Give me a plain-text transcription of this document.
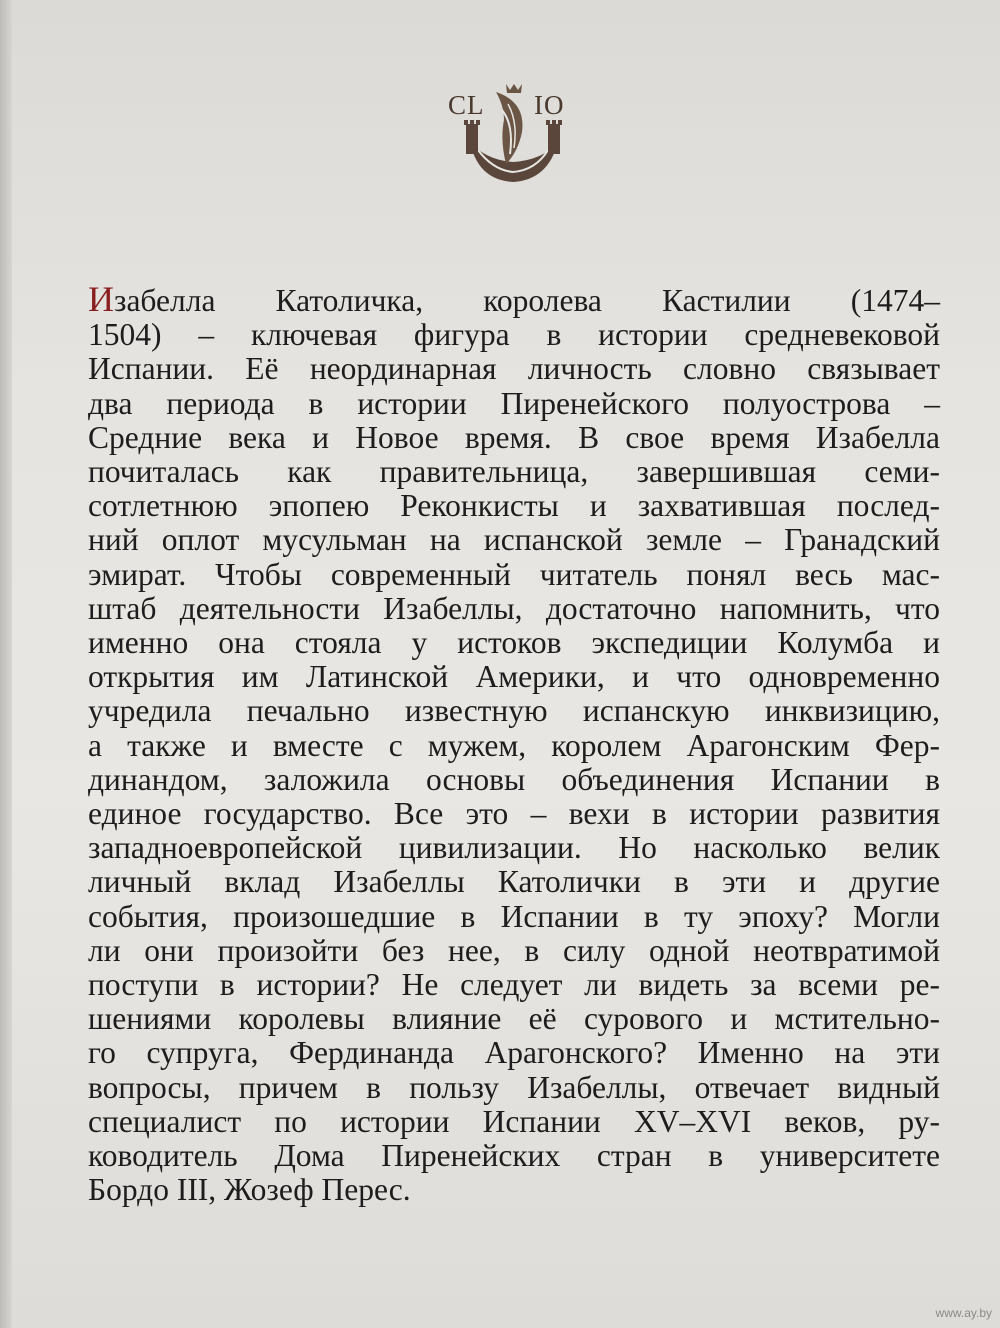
CL IO
Изабелла Католичка, королева Кастилии (1474–
1504) – ключевая фигура в истории средневековой
Испании. Её неординарная личность словно связывает
два периода в истории Пиренейского полуострова –
Средние века и Новое время. В свое время Изабелла
почиталась как правительница, завершившая семи-
сотлетнюю эпопею Реконкисты и захватившая послед-
ний оплот мусульман на испанской земле – Гранадский
эмират. Чтобы современный читатель понял весь мас-
штаб деятельности Изабеллы, достаточно напомнить, что
именно она стояла у истоков экспедиции Колумба и
открытия им Латинской Америки, и что одновременно
учредила печально известную испанскую инквизицию,
а также и вместе с мужем, королем Арагонским Фер-
динандом, заложила основы объединения Испании в
единое государство. Все это – вехи в истории развития
западноевропейской цивилизации. Но насколько велик
личный вклад Изабеллы Католички в эти и другие
события, произошедшие в Испании в ту эпоху? Могли
ли они произойти без нее, в силу одной неотвратимой
поступи в истории? Не следует ли видеть за всеми ре-
шениями королевы влияние её сурового и мстительно-
го супруга, Фердинанда Арагонского? Именно на эти
вопросы, причем в пользу Изабеллы, отвечает видный
специалист по истории Испании XV–XVI веков, ру-
ководитель Дома Пиренейских стран в университете
Бордо III, Жозеф Перес.
www.ay.by
